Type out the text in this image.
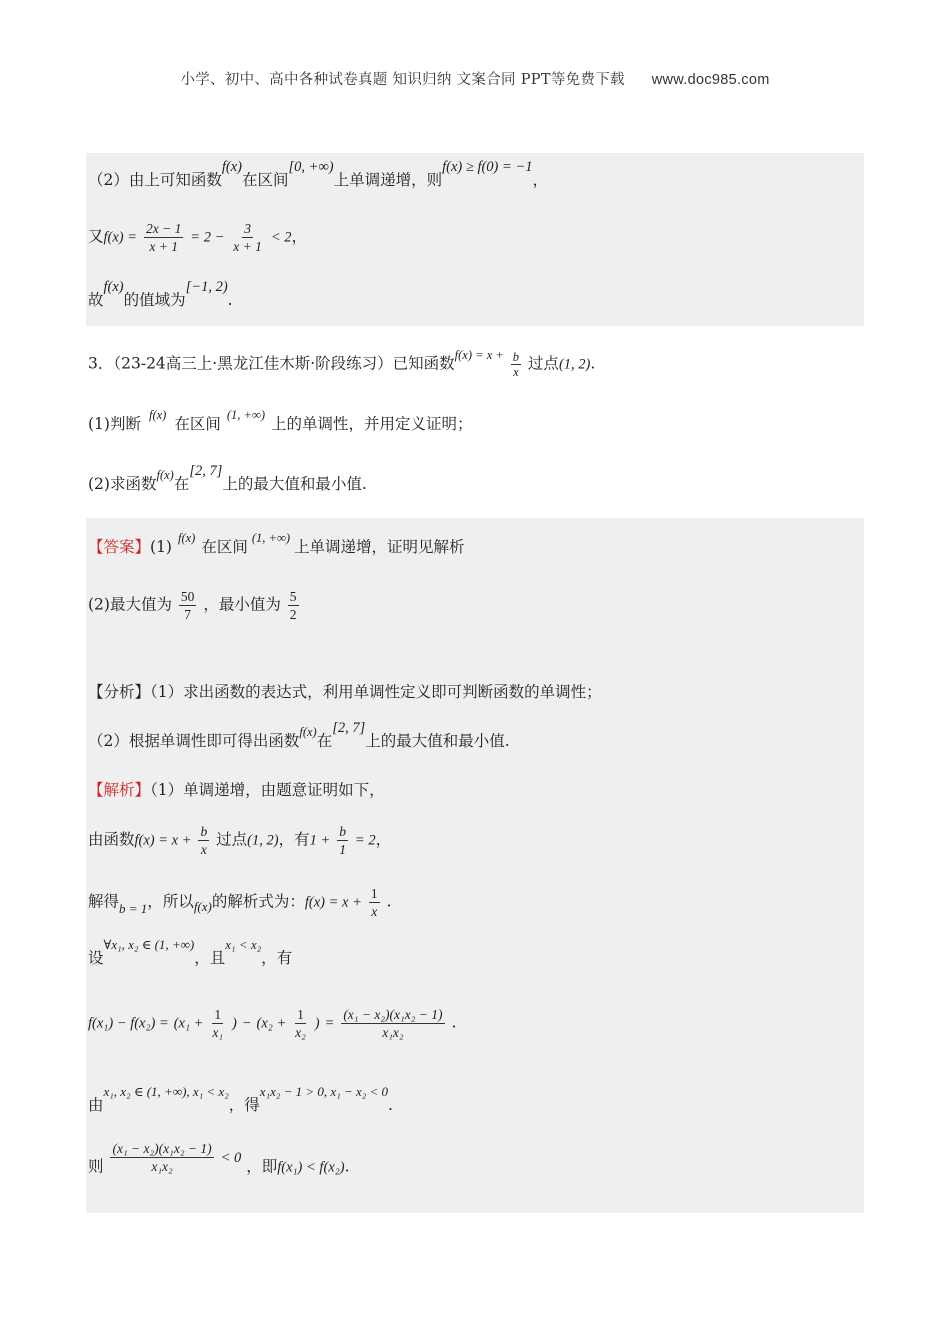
小学、初中、高中各种试卷真题 知识归纳 文案合同 PPT等免费下载 www.doc985.com
（2）由上可知函数f(x)在区间[0, +∞)上单调递增，则f(x) ≥ f(0) = −1，
又$f(x) = \frac{2x - 1}{x + 1} = 2 - \frac{3}{x + 1} < 2$，
故f(x)的值域为[−1, 2).
3．（23-24高三上·黑龙江佳木斯·阶段练习）已知函数$^{f(x) = x +} \frac{b}{x}$ 过点(1, 2).
(1)判断 $^{f(x)}$ 在区间 $^{(1, +\infty)}$ 上的单调性，并用定义证明；
(2)求函数$^{f(x)}$在[2, 7]上的最大值和最小值.
【答案】(1) $^{f(x)}$ 在区间 $^{(1, +\infty)}$ 上单调递增，证明见解析
(2)最大值为 $\frac{50}{7}$ ，最小值为 $\frac{5}{2}$
【分析】（1）求出函数的表达式，利用单调性定义即可判断函数的单调性；
（2）根据单调性即可得出函数$^{f(x)}$在[2, 7]上的最大值和最小值.
【解析】（1）单调递增，由题意证明如下，
由函数$f(x) = x + \frac{b}{x}$ 过点(1, 2)，有$1 + \frac{b}{1} = 2$，
解得$_{b = 1}$，所以$_{f(x)}$的解析式为：$f(x) = x + \frac{1}{x}$ .
设$^{\forall x_1, x_2 \in (1, +\infty)}$，且$^{x_1 < x_2}$，有
$f(x_1) - f(x_2) = (x_1 + \frac{1}{\text{x₁}}$ ) − ($x_2 + \frac{1}{\text{x₂}}$ ) = $\frac{\text{(x₁ − x₂)(x₁x₂ − 1)}}{\text{x₁x₂}}$ .
由$^{x_1, x_2 \in (1, +\infty), x_1 < x_2}$，得$^{x_1x_2 - 1 > 0, x_1 - x_2 < 0}$.
则 $\frac{\text{(x₁ − x₂)(x₁x₂ − 1)}}{\text{x₁x₂}} < 0$ ，即f(x₁) < f(x₂).
